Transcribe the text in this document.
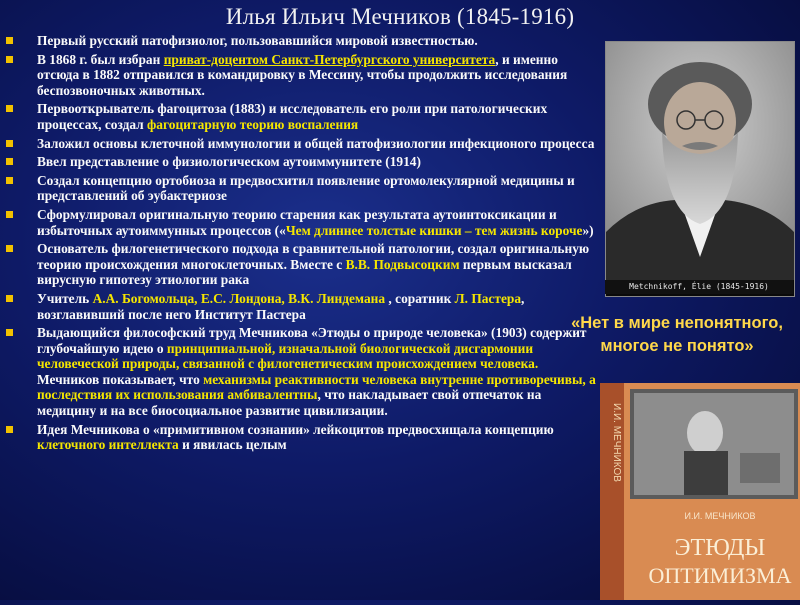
Илья Ильич Мечников (1845-1916)
Первый русский патофизиолог, пользовавшийся мировой известностью.
В 1868 г. был избран приват-доцентом Санкт-Петербургского университета, и именно отсюда в 1882 отправился в командировку в Мессину, чтобы продолжить исследования беспозвоночных животных.
Первооткрыватель фагоцитоза (1883) и исследователь его роли при патологических процессах, создал фагоцитарную теорию воспаления
Заложил основы клеточной иммунологии и общей патофизиологии инфекционого процесса
Ввел представление о физиологическом аутоиммунитете (1914)
Создал концепцию ортобиоза и предвосхитил появление ортомолекулярной медицины и представлений об эубактериозе
Сформулировал оригинальную теорию старения как результата аутоинтоксикации и избыточных аутоиммунных процессов («Чем длиннее толстые кишки – тем жизнь короче»)
Основатель филогенетического подхода в сравнительной патологии, создал оригинальную теорию происхождения многоклеточных. Вместе с В.В. Подвысоцким первым высказал вирусную гипотезу этиологии рака
Учитель А.А. Богомольца, Е.С. Лондона, В.К. Линдемана , соратник Л. Пастера, возглавивший после него Институт Пастера
Выдающийся философский труд Мечникова «Этюды о природе человека» (1903) содержит глубочайшую идею о принципиальной, изначальной биологической дисгармонии человеческой природы, связанной с филогенетическим происхождением человека. Мечников показывает, что механизмы реактивности человека внутренне противоречивы, а последствия их использования амбивалентны, что накладывает свой отпечаток на медицину и на все биосоциальное развитие цивилизации.
Идея Мечникова о «примитивном сознании» лейкоцитов предвосхищала концепцию клеточного интеллекта и явилась целым
Metchnikoff, Élie (1845-1916)
«Нет в мире непонятного, многое не понято»
И.И. МЕЧНИКОВ
И.И. МЕЧНИКОВ
ЭТЮДЫ
ОПТИМИЗМА
